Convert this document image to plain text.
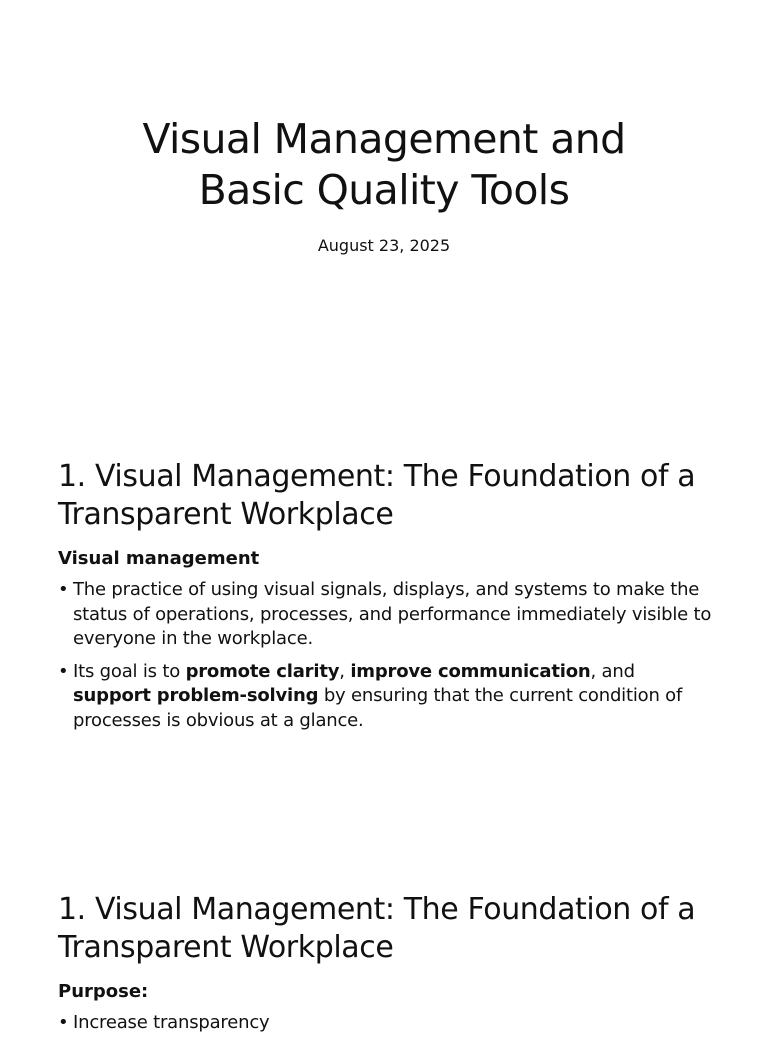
Visual Management and
Basic Quality Tools
August 23, 2025
1. Visual Management: The Foundation of a
Transparent Workplace
Visual management
• The practice of using visual signals, displays, and systems to make the status of operations, processes, and performance immediately visible to everyone in the workplace.
• Its goal is to promote clarity, improve communication, and support problem-solving by ensuring that the current condition of processes is obvious at a glance.
1. Visual Management: The Foundation of a
Transparent Workplace
Purpose:
• Increase transparency
